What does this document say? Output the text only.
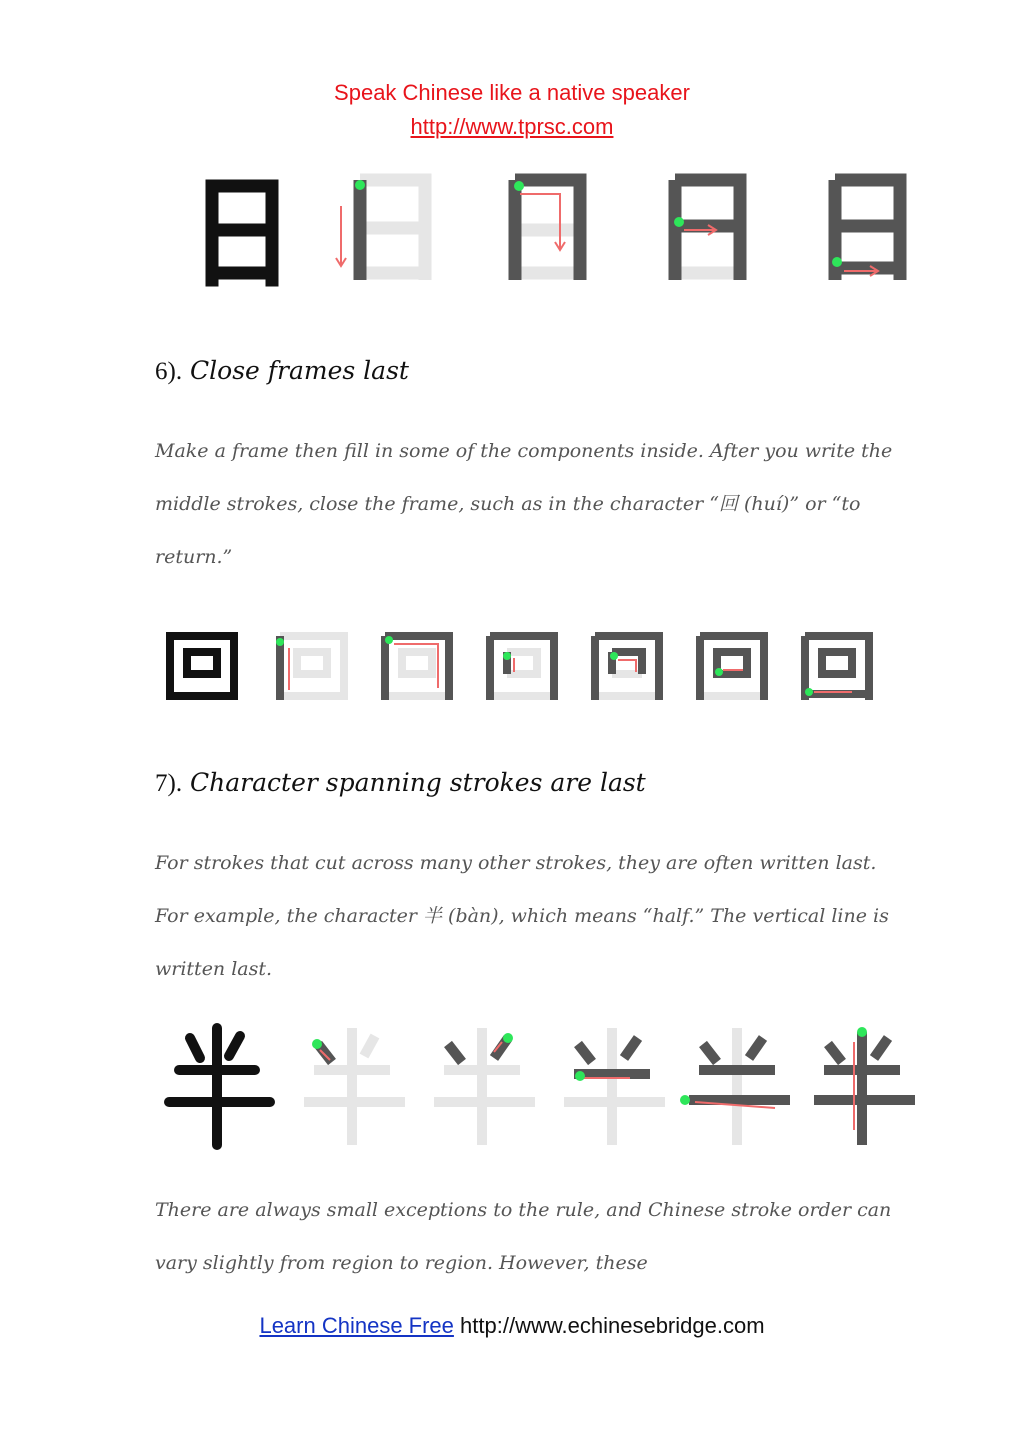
Speak Chinese like a native speaker
http://www.tprsc.com
6). Close frames last
Make a frame then fill in some of the components inside. After you write the middle strokes, close the frame, such as in the character “回 (huí)” or “to return.”
7). Character spanning strokes are last
For strokes that cut across many other strokes, they are often written last. For example, the character 半 (bàn), which means “half.” The vertical line is written last.
There are always small exceptions to the rule, and Chinese stroke order can vary slightly from region to region. However, these
Learn Chinese Free http://www.echinesebridge.com
